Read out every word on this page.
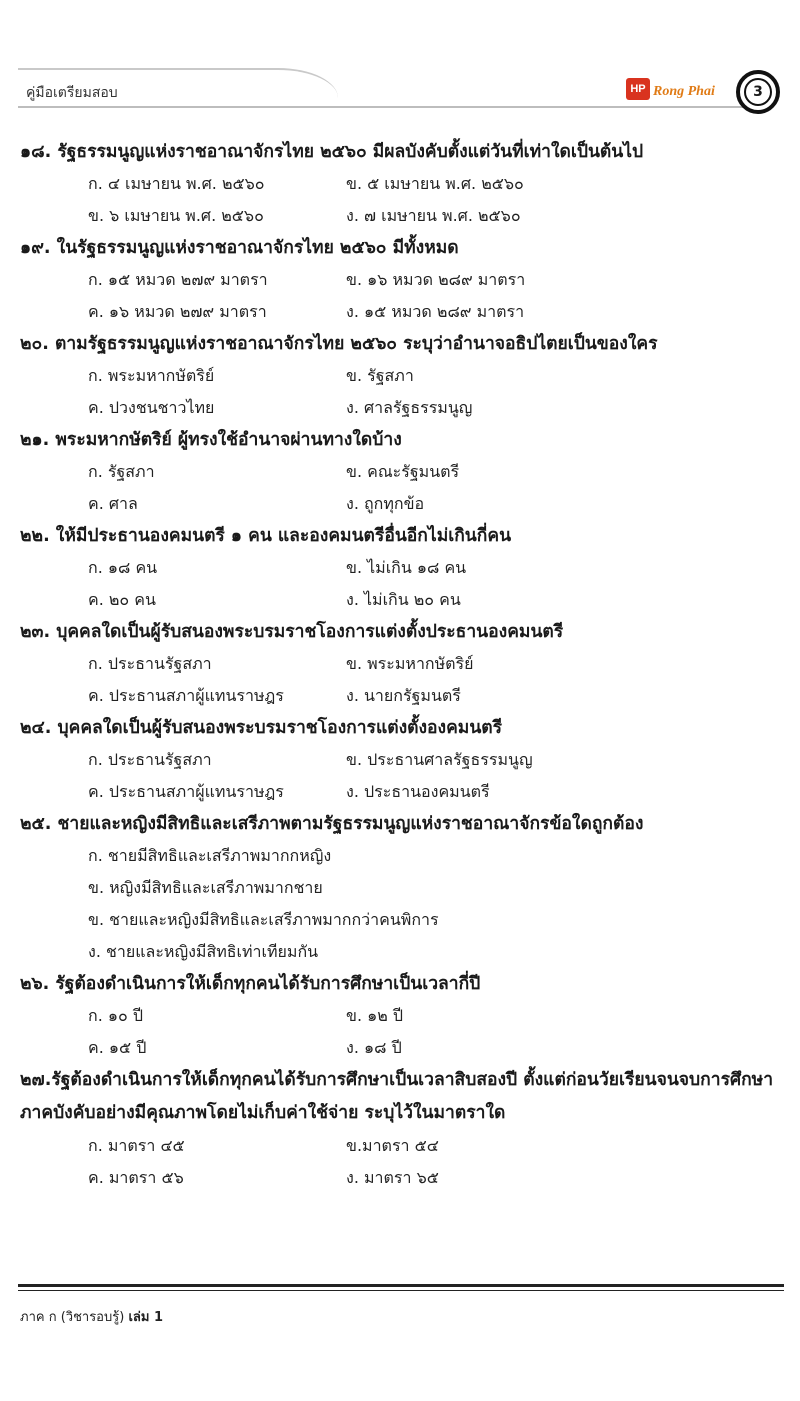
คู่มือเตรียมสอบ	HP Rong Phai	3
๑๘. รัฐธรรมนูญแห่งราชอาณาจักรไทย ๒๕๖๐ มีผลบังคับตั้งแต่วันที่เท่าใดเป็นต้นไป
ก. ๔ เมษายน พ.ศ. ๒๕๖๐	ข. ๕ เมษายน พ.ศ. ๒๕๖๐
ข. ๖ เมษายน พ.ศ. ๒๕๖๐	ง. ๗ เมษายน พ.ศ. ๒๕๖๐
๑๙. ในรัฐธรรมนูญแห่งราชอาณาจักรไทย ๒๕๖๐ มีทั้งหมด
ก. ๑๕ หมวด ๒๗๙ มาตรา	ข. ๑๖ หมวด ๒๘๙ มาตรา
ค. ๑๖ หมวด ๒๗๙ มาตรา	ง. ๑๕ หมวด ๒๘๙ มาตรา
๒๐. ตามรัฐธรรมนูญแห่งราชอาณาจักรไทย ๒๕๖๐ ระบุว่าอำนาจอธิปไตยเป็นของใคร
ก. พระมหากษัตริย์	ข. รัฐสภา
ค. ปวงชนชาวไทย	ง. ศาลรัฐธรรมนูญ
๒๑. พระมหากษัตริย์ ผู้ทรงใช้อำนาจผ่านทางใดบ้าง
ก. รัฐสภา	ข. คณะรัฐมนตรี
ค. ศาล	ง. ถูกทุกข้อ
๒๒. ให้มีประธานองคมนตรี ๑ คน และองคมนตรีอื่นอีกไม่เกินกี่คน
ก. ๑๘ คน	ข. ไม่เกิน ๑๘ คน
ค. ๒๐ คน	ง. ไม่เกิน ๒๐ คน
๒๓. บุคคลใดเป็นผู้รับสนองพระบรมราชโองการแต่งตั้งประธานองคมนตรี
ก. ประธานรัฐสภา	ข. พระมหากษัตริย์
ค. ประธานสภาผู้แทนราษฎร	ง. นายกรัฐมนตรี
๒๔. บุคคลใดเป็นผู้รับสนองพระบรมราชโองการแต่งตั้งองคมนตรี
ก. ประธานรัฐสภา	ข. ประธานศาลรัฐธรรมนูญ
ค. ประธานสภาผู้แทนราษฎร	ง. ประธานองคมนตรี
๒๕. ชายและหญิงมีสิทธิและเสรีภาพตามรัฐธรรมนูญแห่งราชอาณาจักรข้อใดถูกต้อง
ก. ชายมีสิทธิและเสรีภาพมากกหญิง
ข. หญิงมีสิทธิและเสรีภาพมากชาย
ข. ชายและหญิงมีสิทธิและเสรีภาพมากกว่าคนพิการ
ง. ชายและหญิงมีสิทธิเท่าเทียมกัน
๒๖. รัฐต้องดำเนินการให้เด็กทุกคนได้รับการศึกษาเป็นเวลากี่ปี
ก. ๑๐ ปี	ข. ๑๒ ปี
ค. ๑๕ ปี	ง. ๑๘ ปี
๒๗.รัฐต้องดำเนินการให้เด็กทุกคนได้รับการศึกษาเป็นเวลาสิบสองปี ตั้งแต่ก่อนวัยเรียนจนจบการศึกษาภาคบังคับอย่างมีคุณภาพโดยไม่เก็บค่าใช้จ่าย ระบุไว้ในมาตราใด
ก. มาตรา ๔๕	ข.มาตรา ๕๔
ค. มาตรา ๕๖	ง. มาตรา ๖๕
ภาค ก (วิชารอบรู้) เล่ม 1
